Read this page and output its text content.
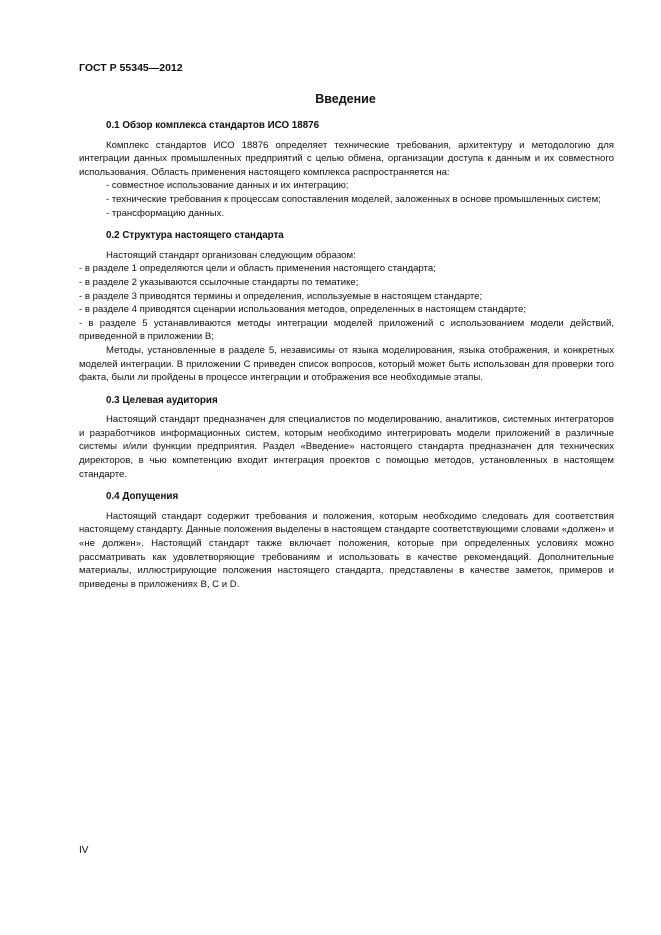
ГОСТ Р 55345—2012
Введение
0.1 Обзор комплекса стандартов ИСО 18876

Комплекс стандартов ИСО 18876 определяет технические требования, архитектуру и методологию для интеграции данных промышленных предприятий с целью обмена, организации доступа к данным и их совместного использования. Область применения настоящего комплекса распространяется на:

- совместное использование данных и их интеграцию;

- технические требования к процессам сопоставления моделей, заложенных в основе промышленных систем;

- трансформацию данных.

0.2 Структура настоящего стандарта

Настоящий стандарт организован следующим образом:

- в разделе 1 определяются цели и область применения настоящего стандарта;

- в разделе 2 указываются ссылочные стандарты по тематике;

- в разделе 3 приводятся термины и определения, используемые в настоящем стандарте;

- в разделе 4 приводятся сценарии использования методов, определенных в настоящем стандарте;

- в разделе 5 устанавливаются методы интеграции моделей приложений с использованием модели действий, приведенной в приложении В;

Методы, установленные в разделе 5, независимы от языка моделирования, языка отображения, и конкретных моделей интеграции. В приложении С приведен список вопросов, который может быть использован для проверки того факта, были ли пройдены в процессе интеграции и отображения все необходимые этапы.

0.3 Целевая аудитория

Настоящий стандарт предназначен для специалистов по моделированию, аналитиков, системных интеграторов и разработчиков информационных систем, которым необходимо интегрировать модели приложений в различные системы и/или функции предприятия. Раздел «Введение» настоящего стандарта предназначен для технических директоров, в чью компетенцию входит интеграция проектов с помощью методов, установленных в настоящем стандарте.

0.4 Допущения

Настоящий стандарт содержит требования и положения, которым необходимо следовать для соответствия настоящему стандарту. Данные положения выделены в настоящем стандарте соответствующими словами «должен» и «не должен». Настоящий стандарт также включает положения, которые при определенных условиях можно рассматривать как удовлетворяющие требованиям и использовать в качестве рекомендаций. Дополнительные материалы, иллюстрирующие положения настоящего стандарта, представлены в качестве заметок, примеров и приведены в приложениях В, С и D.

IV
